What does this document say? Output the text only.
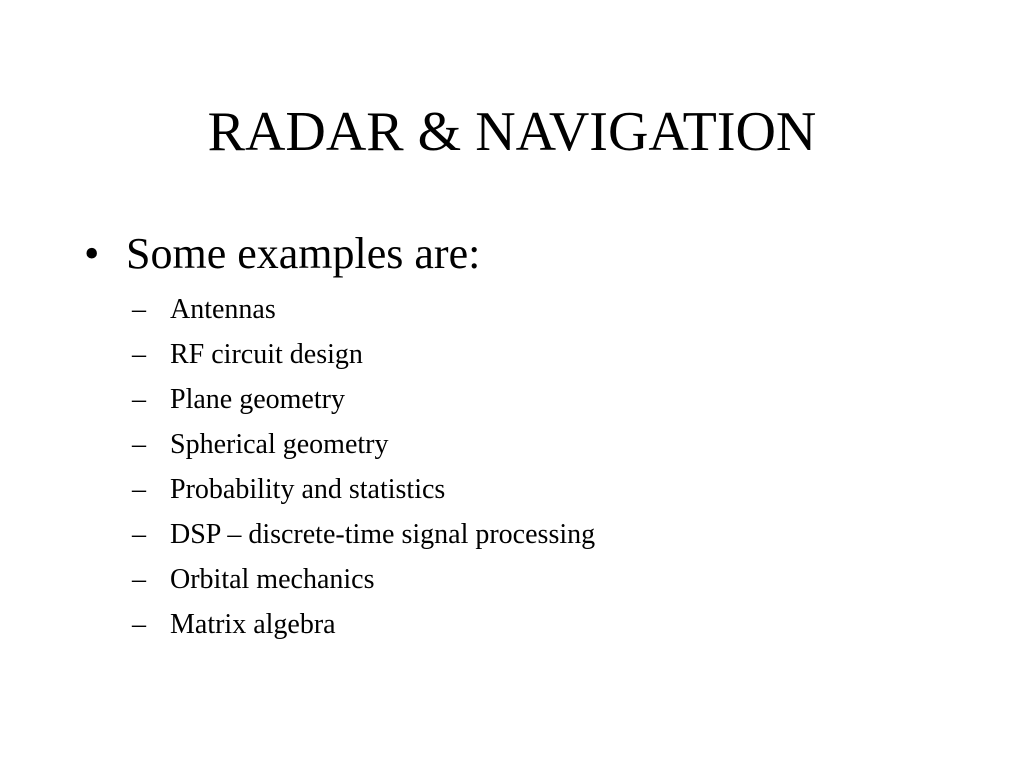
RADAR & NAVIGATION
• Some examples are:
– Antennas
– RF circuit design
– Plane geometry
– Spherical geometry
– Probability and statistics
– DSP – discrete-time signal processing
– Orbital mechanics
– Matrix algebra
